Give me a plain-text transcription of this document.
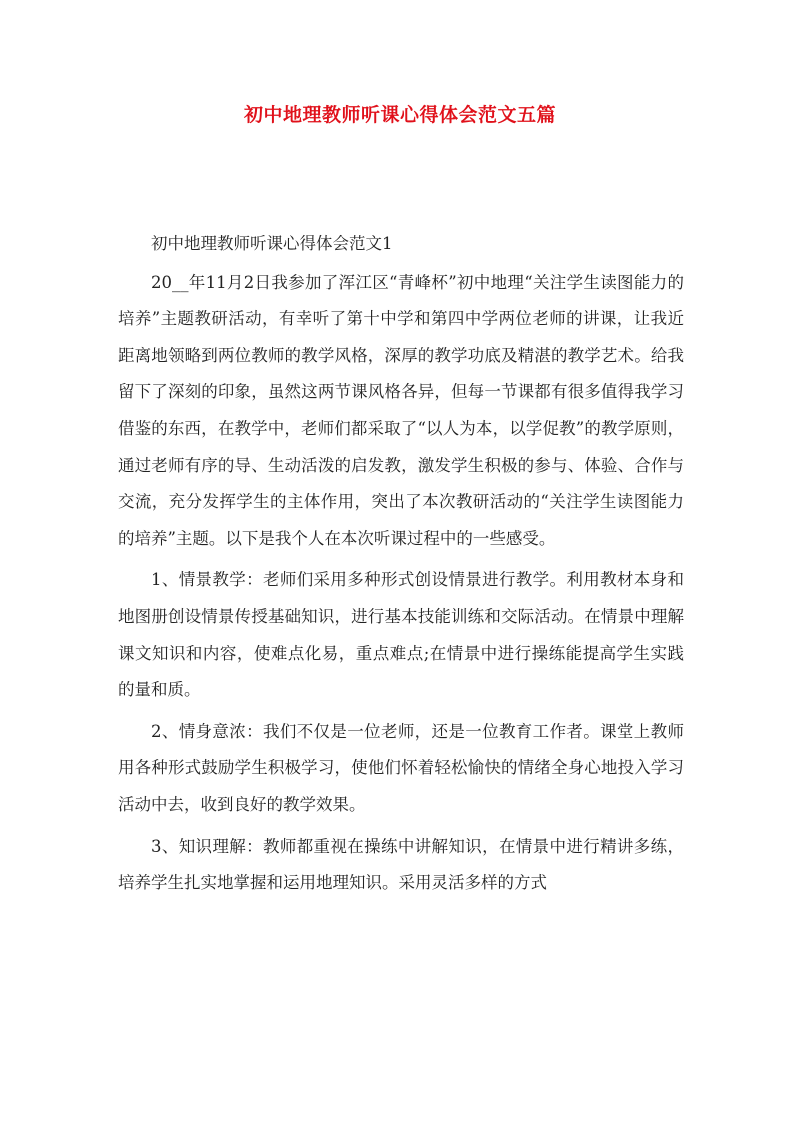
初中地理教师听课心得体会范文五篇

初中地理教师听课心得体会范文1

20__年11月2日我参加了浑江区“青峰杯”初中地理“关注学生读图能力的培养”主题教研活动，有幸听了第十中学和第四中学两位老师的讲课，让我近距离地领略到两位教师的教学风格，深厚的教学功底及精湛的教学艺术。给我留下了深刻的印象，虽然这两节课风格各异，但每一节课都有很多值得我学习借鉴的东西，在教学中，老师们都采取了“以人为本，以学促教”的教学原则，通过老师有序的导、生动活泼的启发教，激发学生积极的参与、体验、合作与交流，充分发挥学生的主体作用，突出了本次教研活动的“关注学生读图能力的培养”主题。以下是我个人在本次听课过程中的一些感受。

1、情景教学：老师们采用多种形式创设情景进行教学。利用教材本身和地图册创设情景传授基础知识，进行基本技能训练和交际活动。在情景中理解课文知识和内容，使难点化易，重点难点;在情景中进行操练能提高学生实践的量和质。

2、情身意浓：我们不仅是一位老师，还是一位教育工作者。课堂上教师用各种形式鼓励学生积极学习，使他们怀着轻松愉快的情绪全身心地投入学习活动中去，收到良好的教学效果。

3、知识理解：教师都重视在操练中讲解知识，在情景中进行精讲多练，培养学生扎实地掌握和运用地理知识。采用灵活多样的方式
